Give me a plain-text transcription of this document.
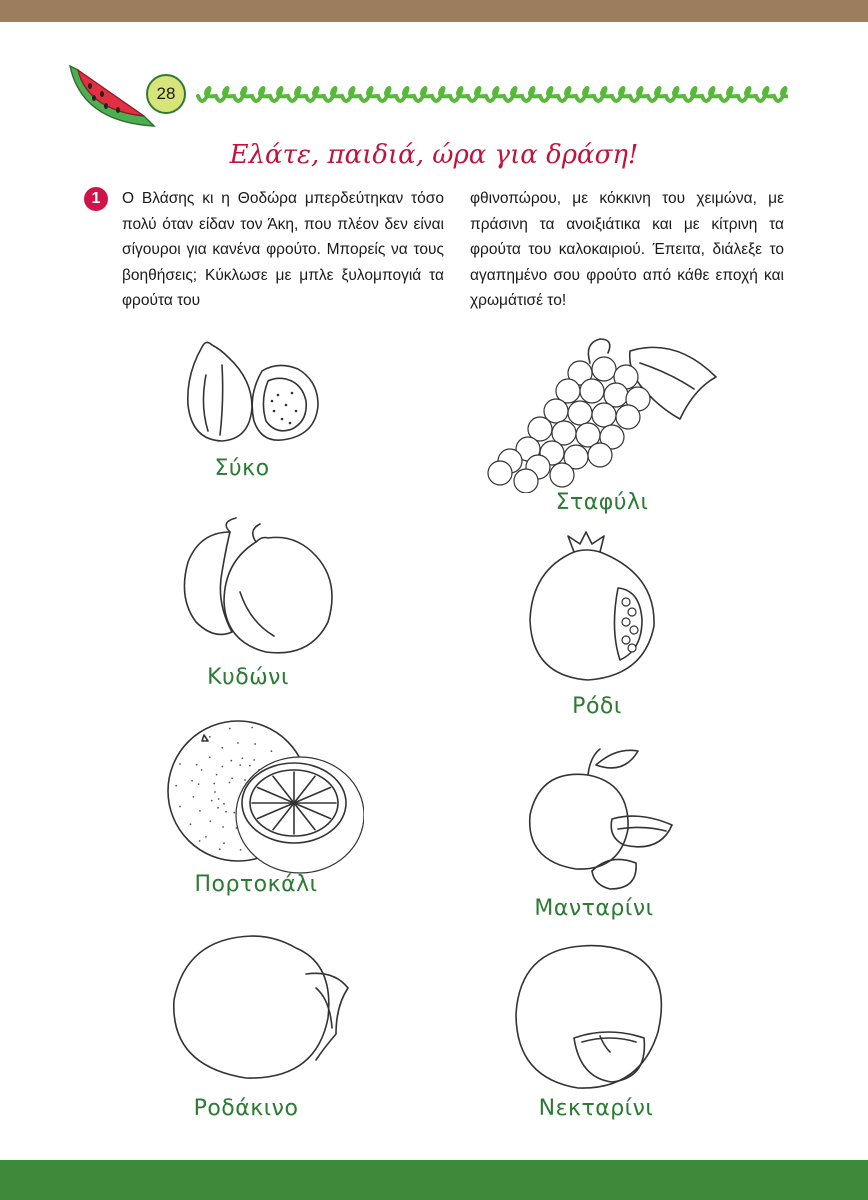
28
Ελάτε, παιδιά, ώρα για δράση!
1	Ο Βλάσης κι η Θοδώρα μπερδεύτηκαν τόσο πολύ όταν είδαν τον Άκη, που πλέον δεν είναι σίγουροι για κανένα φρούτο. Μπορείς να τους βοηθήσεις; Κύκλωσε με μπλε ξυλομπογιά τα φρούτα του
φθινοπώρου, με κόκκινη του χειμώνα, με πράσινη τα ανοιξιάτικα και με κίτρινη τα φρούτα του καλοκαιριού. Έπειτα, διάλεξε το αγαπημένο σου φρούτο από κάθε εποχή και χρωμάτισέ το!
Σύκο
Σταφύλι
Κυδώνι
Ρόδι
Πορτοκάλι
Μανταρίνι
Ροδάκινο	Νεκταρίνι
